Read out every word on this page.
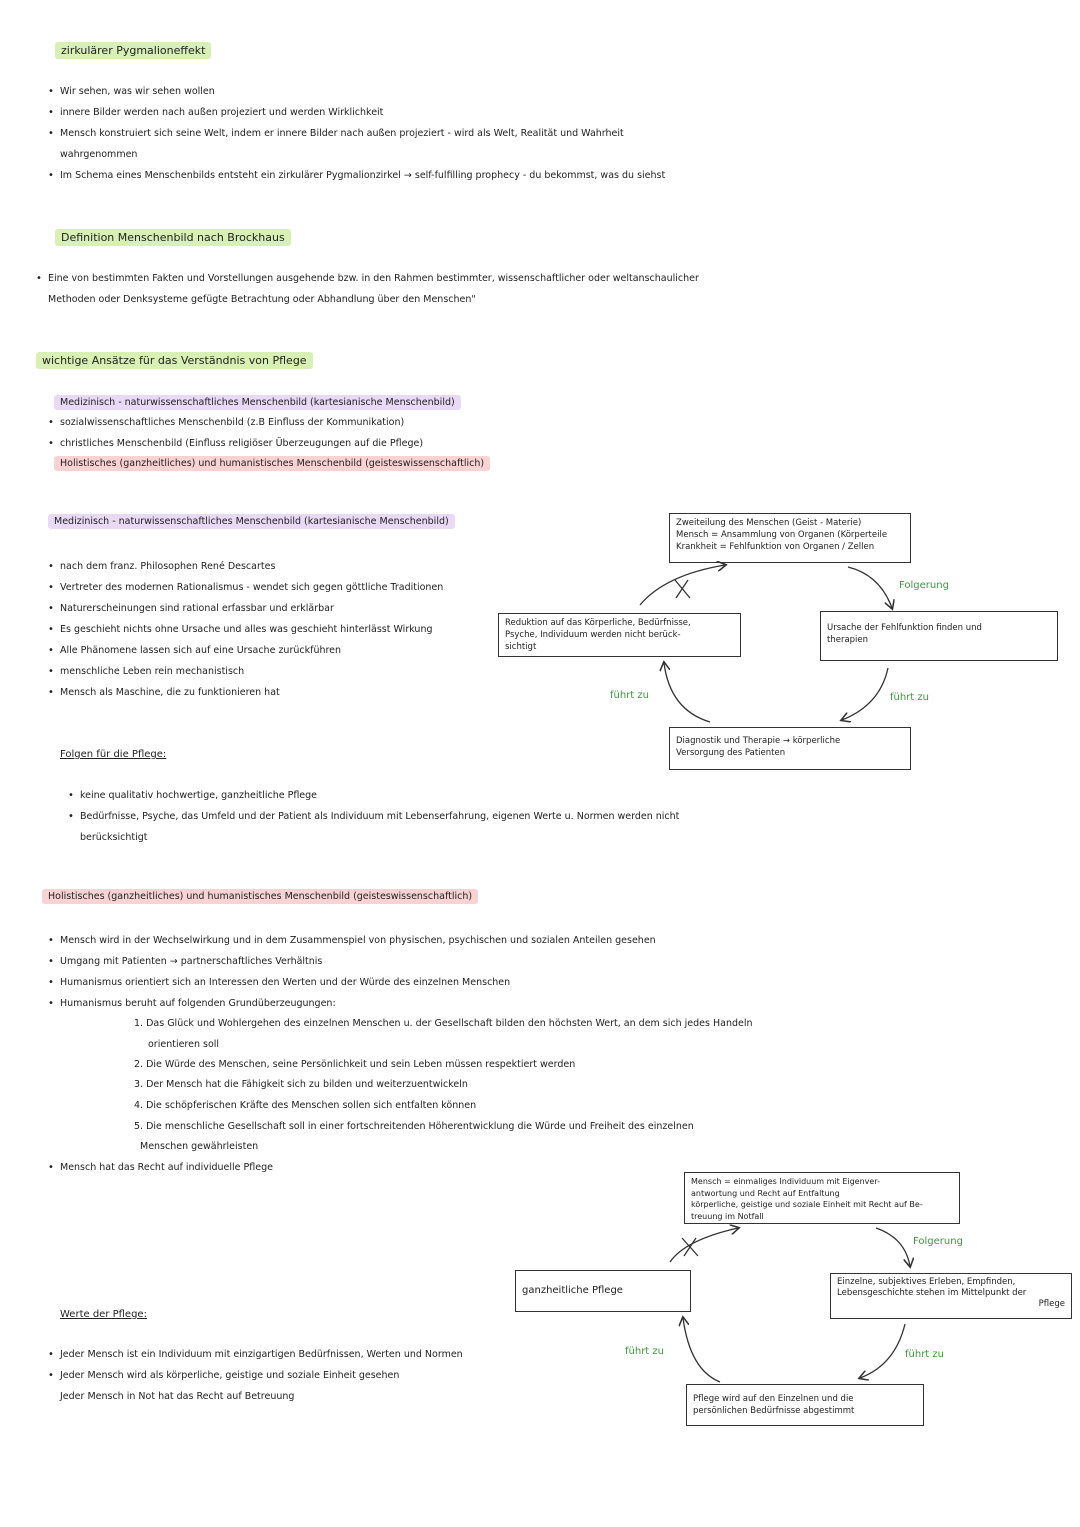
zirkulärer Pygmalioneffekt
• Wir sehen, was wir sehen wollen
• innere Bilder werden nach außen projeziert und werden Wirklichkeit
• Mensch konstruiert sich seine Welt, indem er innere Bilder nach außen projeziert - wird als Welt, Realität und Wahrheit
wahrgenommen
• Im Schema eines Menschenbilds entsteht ein zirkulärer Pygmalionzirkel → self-fulfilling prophecy - du bekommst, was du siehst
Definition Menschenbild nach Brockhaus
• Eine von bestimmten Fakten und Vorstellungen ausgehende bzw. in den Rahmen bestimmter, wissenschaftlicher oder weltanschaulicher
Methoden oder Denksysteme gefügte Betrachtung oder Abhandlung über den Menschen"
wichtige Ansätze für das Verständnis von Pflege
Medizinisch - naturwissenschaftliches Menschenbild (kartesianische Menschenbild)
• sozialwissenschaftliches Menschenbild (z.B Einfluss der Kommunikation)
• christliches Menschenbild (Einfluss religiöser Überzeugungen auf die Pflege)
Holistisches (ganzheitliches) und humanistisches Menschenbild (geisteswissenschaftlich)
Medizinisch - naturwissenschaftliches Menschenbild (kartesianische Menschenbild)
• nach dem franz. Philosophen René Descartes
• Vertreter des modernen Rationalismus - wendet sich gegen göttliche Traditionen
• Naturerscheinungen sind rational erfassbar und erklärbar
• Es geschieht nichts ohne Ursache und alles was geschieht hinterlässt Wirkung
• Alle Phänomene lassen sich auf eine Ursache zurückführen
• menschliche Leben rein mechanistisch
• Mensch als Maschine, die zu funktionieren hat
Folgen für die Pflege:
• keine qualitativ hochwertige, ganzheitliche Pflege
• Bedürfnisse, Psyche, das Umfeld und der Patient als Individuum mit Lebenserfahrung, eigenen Werte u. Normen werden nicht
berücksichtigt
Zweiteilung des Menschen (Geist - Materie)
Mensch = Ansammlung von Organen (Körperteile
Krankheit = Fehlfunktion von Organen / Zellen
Ursache der Fehlfunktion finden und
therapien
Diagnostik und Therapie → körperliche
Versorgung des Patienten
Reduktion auf das Körperliche, Bedürfnisse,
Psyche, Individuum werden nicht berück-
sichtigt
Folgerung
führt zu	führt zu
Holistisches (ganzheitliches) und humanistisches Menschenbild (geisteswissenschaftlich)
• Mensch wird in der Wechselwirkung und in dem Zusammenspiel von physischen, psychischen und sozialen Anteilen gesehen
• Umgang mit Patienten → partnerschaftliches Verhältnis
• Humanismus orientiert sich an Interessen den Werten und der Würde des einzelnen Menschen
• Humanismus beruht auf folgenden Grundüberzeugungen:
1. Das Glück und Wohlergehen des einzelnen Menschen u. der Gesellschaft bilden den höchsten Wert, an dem sich jedes Handeln
orientieren soll
2. Die Würde des Menschen, seine Persönlichkeit und sein Leben müssen respektiert werden
3. Der Mensch hat die Fähigkeit sich zu bilden und weiterzuentwickeln
4. Die schöpferischen Kräfte des Menschen sollen sich entfalten können
5. Die menschliche Gesellschaft soll in einer fortschreitenden Höherentwicklung die Würde und Freiheit des einzelnen
Menschen gewährleisten
• Mensch hat das Recht auf individuelle Pflege
Werte der Pflege:
• Jeder Mensch ist ein Individuum mit einzigartigen Bedürfnissen, Werten und Normen
• Jeder Mensch wird als körperliche, geistige und soziale Einheit gesehen
Jeder Mensch in Not hat das Recht auf Betreuung
Mensch = einmaliges Individuum mit Eigenver-
antwortung und Recht auf Entfaltung
körperliche, geistige und soziale Einheit mit Recht auf Be-
treuung im Notfall
ganzheitliche Pflege
Einzelne, subjektives Erleben, Empfinden,
Lebensgeschichte stehen im Mittelpunkt der
Pflege
Pflege wird auf den Einzelnen und die
persönlichen Bedürfnisse abgestimmt
Folgerung
führt zu	führt zu
